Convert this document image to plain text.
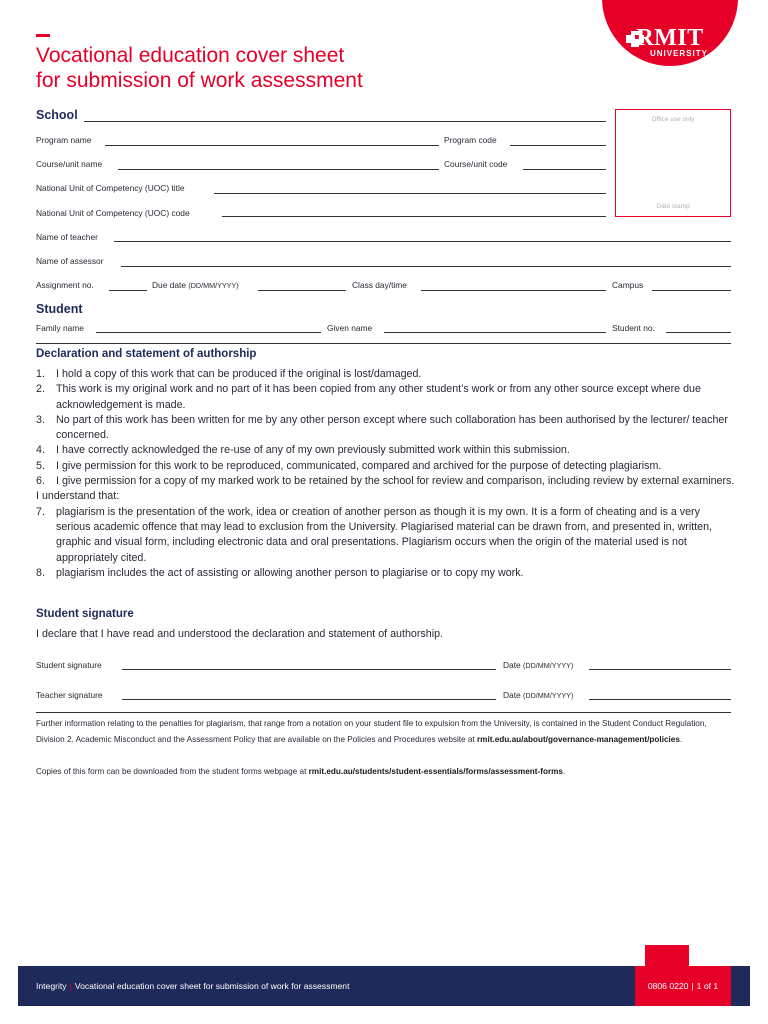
RMIT
UNIVERSITY
Vocational education cover sheet
for submission of work assessment
Office use only
Date stamp
School
Program name	Program code
Course/unit name	Course/unit code
National Unit of Competency (UOC) title
National Unit of Competency (UOC) code
Name of teacher
Name of assessor
Assignment no.	Due date (DD/MM/YYYY)	Class day/time	Campus
Student
Family name	Given name	Student no.
Declaration and statement of authorship
1.	I hold a copy of this work that can be produced if the original is lost/damaged.
2.	This work is my original work and no part of it has been copied from any other student’s work or from any other source except where due acknowledgement is made.
3.	No part of this work has been written for me by any other person except where such collaboration has been authorised by the lecturer/ teacher concerned.
4.	I have correctly acknowledged the re-use of any of my own previously submitted work within this submission.
5.	I give permission for this work to be reproduced, communicated, compared and archived for the purpose of detecting plagiarism.
6.	I give permission for a copy of my marked work to be retained by the school for review and comparison, including review by external examiners.
I understand that:
7.	plagiarism is the presentation of the work, idea or creation of another person as though it is my own. It is a form of cheating and is a very serious academic offence that may lead to exclusion from the University. Plagiarised material can be drawn from, and presented in, written, graphic and visual form, including electronic data and oral presentations. Plagiarism occurs when the origin of the material used is not appropriately cited.
8.	plagiarism includes the act of assisting or allowing another person to plagiarise or to copy my work.
Student signature
I declare that I have read and understood the declaration and statement of authorship.
Student signature	Date (DD/MM/YYYY)
Teacher signature	Date (DD/MM/YYYY)
Further information relating to the penalties for plagiarism, that range from a notation on your student file to expulsion from the University, is contained in the Student Conduct Regulation, Division 2. Academic Misconduct and the Assessment Policy that are available on the Policies and Procedures website at rmit.edu.au/about/governance-management/policies.
Copies of this form can be downloaded from the student forms webpage at rmit.edu.au/students/student-essentials/forms/assessment-forms.
Integrity | Vocational education cover sheet for submission of work for assessment	0806 0220 | 1 of 1
